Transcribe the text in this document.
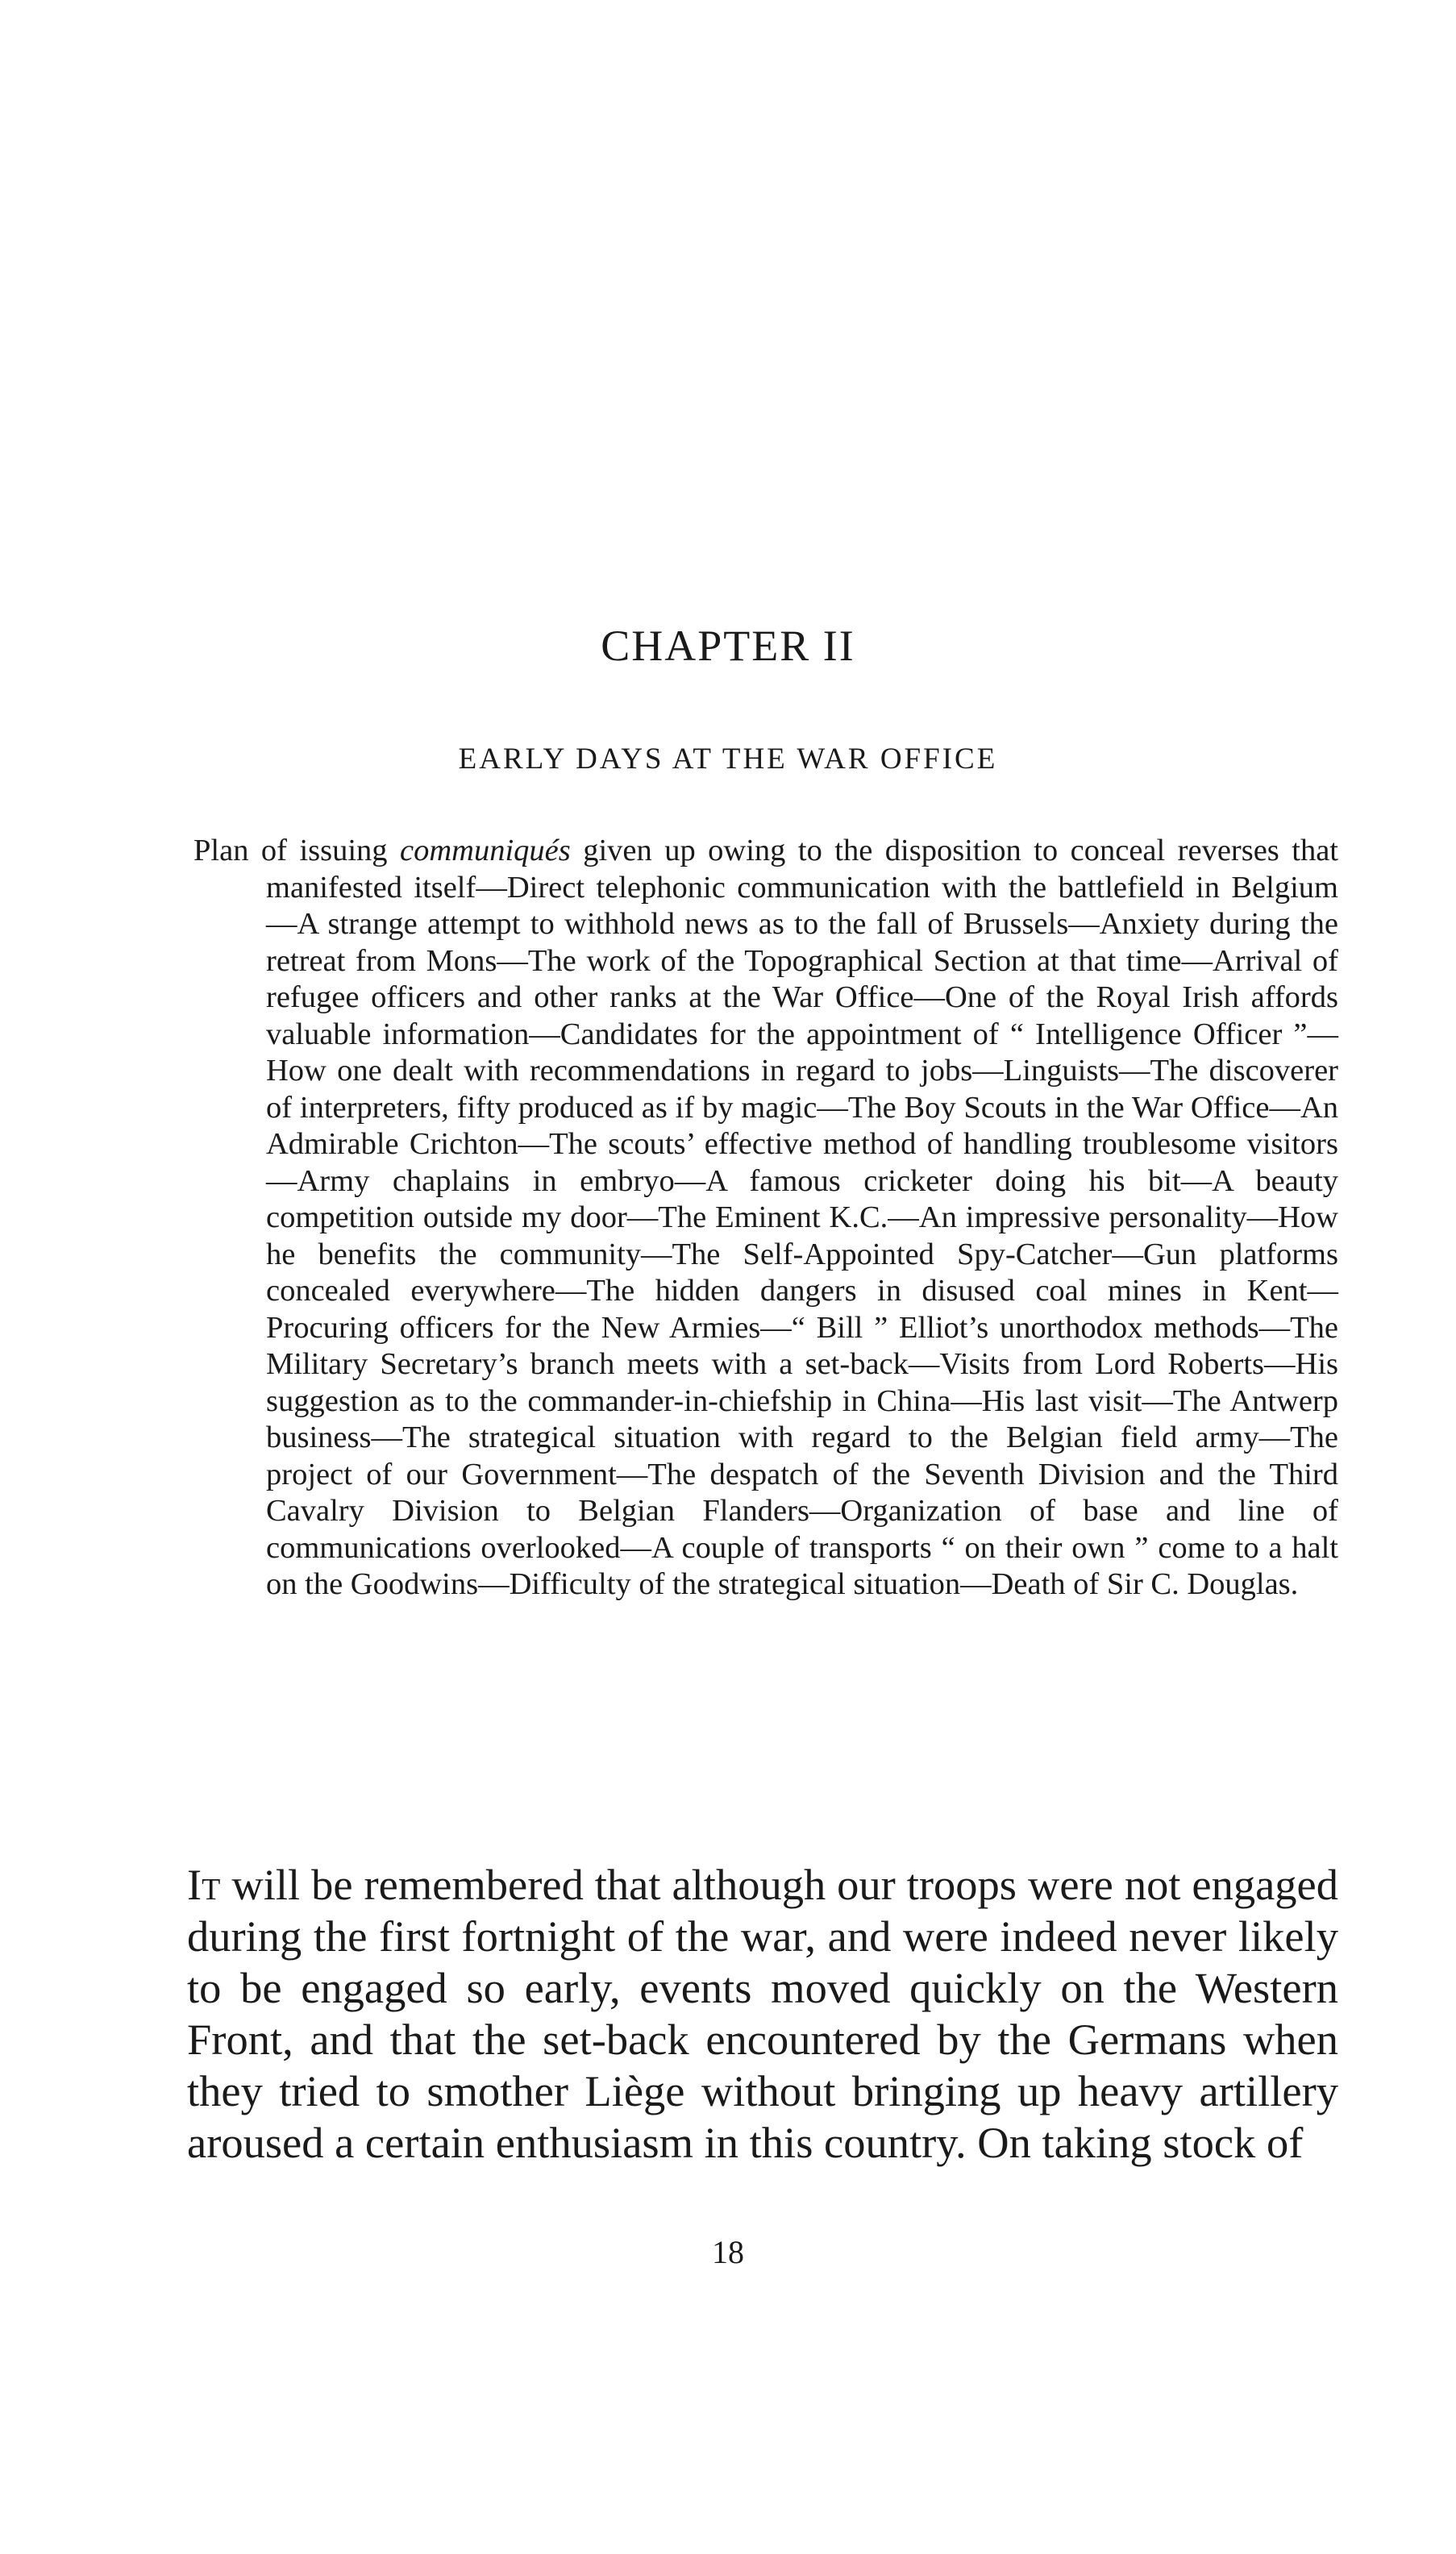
CHAPTER II
EARLY DAYS AT THE WAR OFFICE

Plan of issuing communiqués given up owing to the disposition to conceal reverses that manifested itself—Direct telephonic communication with the battlefield in Belgium—A strange attempt to withhold news as to the fall of Brussels—Anxiety during the retreat from Mons—The work of the Topographical Section at that time—Arrival of refugee officers and other ranks at the War Office—One of the Royal Irish affords valuable information—Candidates for the appointment of “ Intelligence Officer ”—How one dealt with recommendations in regard to jobs—Linguists—The discoverer of interpreters, fifty produced as if by magic—The Boy Scouts in the War Office—An Admirable Crichton—The scouts’ effective method of handling troublesome visitors—Army chaplains in embryo—A famous cricketer doing his bit—A beauty competition outside my door—The Eminent K.C.—An impressive personality—How he benefits the community—The Self-Appointed Spy-Catcher—Gun platforms concealed everywhere—The hidden dangers in disused coal mines in Kent—Procuring officers for the New Armies—“ Bill ” Elliot’s unorthodox methods—The Military Secretary’s branch meets with a set-back—Visits from Lord Roberts—His suggestion as to the commander-in-chiefship in China—His last visit—The Antwerp business—The strategical situation with regard to the Belgian field army—The project of our Government—The despatch of the Seventh Division and the Third Cavalry Division to Belgian Flanders—Organization of base and line of communications overlooked—A couple of transports “ on their own ” come to a halt on the Goodwins—Difficulty of the strategical situation—Death of Sir C. Douglas.

It will be remembered that although our troops were not engaged during the first fortnight of the war, and were indeed never likely to be engaged so early, events moved quickly on the Western Front, and that the set-back encountered by the Germans when they tried to smother Liège without bringing up heavy artillery aroused a certain enthusiasm in this country. On taking stock of

18
